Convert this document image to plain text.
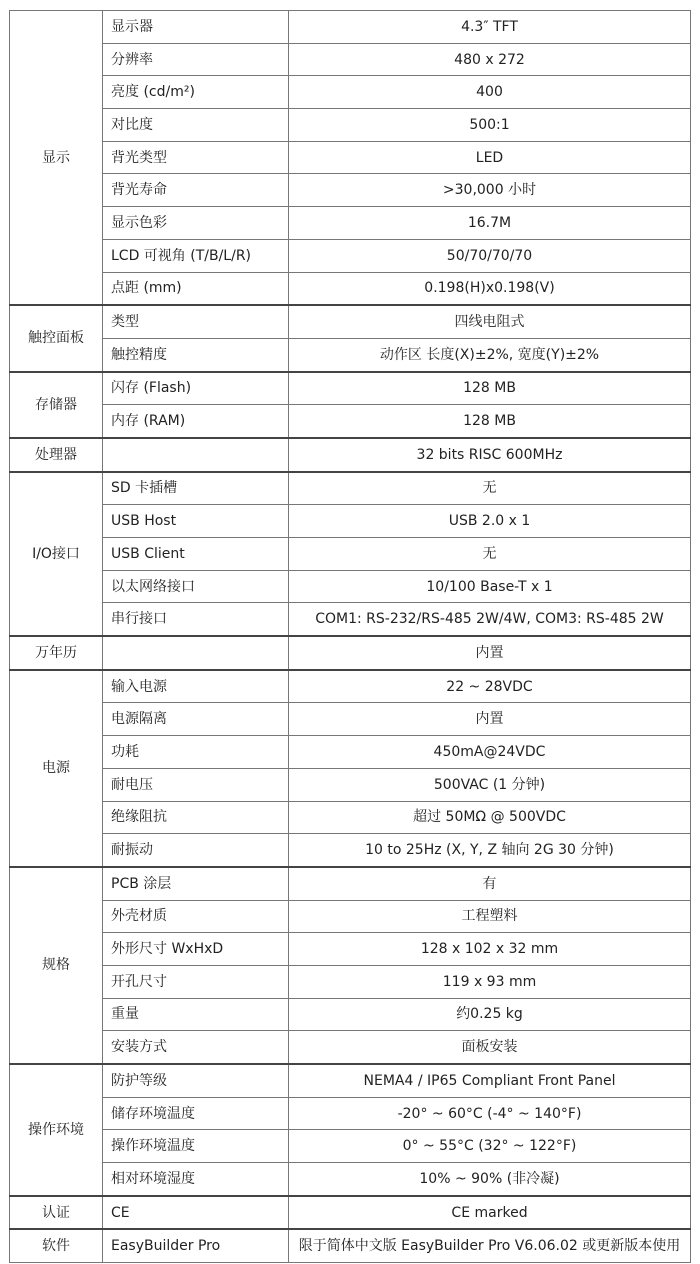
显示	显示器	4.3″ TFT
	分辨率	480 x 272
	亮度 (cd/m²)	400
	对比度	500:1
	背光类型	LED
	背光寿命	>30,000 小时
	显示色彩	16.7M
	LCD 可视角 (T/B/L/R)	50/70/70/70
	点距 (mm)	0.198(H)x0.198(V)
触控面板	类型	四线电阻式
	触控精度	动作区 长度(X)±2%, 宽度(Y)±2%
存储器	闪存 (Flash)	128 MB
	内存 (RAM)	128 MB
处理器		32 bits RISC 600MHz
I/O接口	SD 卡插槽	无
	USB Host	USB 2.0 x 1
	USB Client	无
	以太网络接口	10/100 Base-T x 1
	串行接口	COM1: RS-232/RS-485 2W/4W, COM3: RS-485 2W
万年历		内置
电源	输入电源	22 ~ 28VDC
	电源隔离	内置
	功耗	450mA@24VDC
	耐电压	500VAC (1 分钟)
	绝缘阻抗	超过 50MΩ @ 500VDC
	耐振动	10 to 25Hz (X, Y, Z 轴向 2G 30 分钟)
规格	PCB 涂层	有
	外壳材质	工程塑料
	外形尺寸 WxHxD	128 x 102 x 32 mm
	开孔尺寸	119 x 93 mm
	重量	约0.25 kg
	安装方式	面板安装
操作环境	防护等级	NEMA4 / IP65 Compliant Front Panel
	储存环境温度	-20° ~ 60°C (-4° ~ 140°F)
	操作环境温度	0° ~ 55°C (32° ~ 122°F)
	相对环境湿度	10% ~ 90% (非冷凝)
认证	CE	CE marked
软件	EasyBuilder Pro	限于简体中文版 EasyBuilder Pro V6.06.02 或更新版本使用
